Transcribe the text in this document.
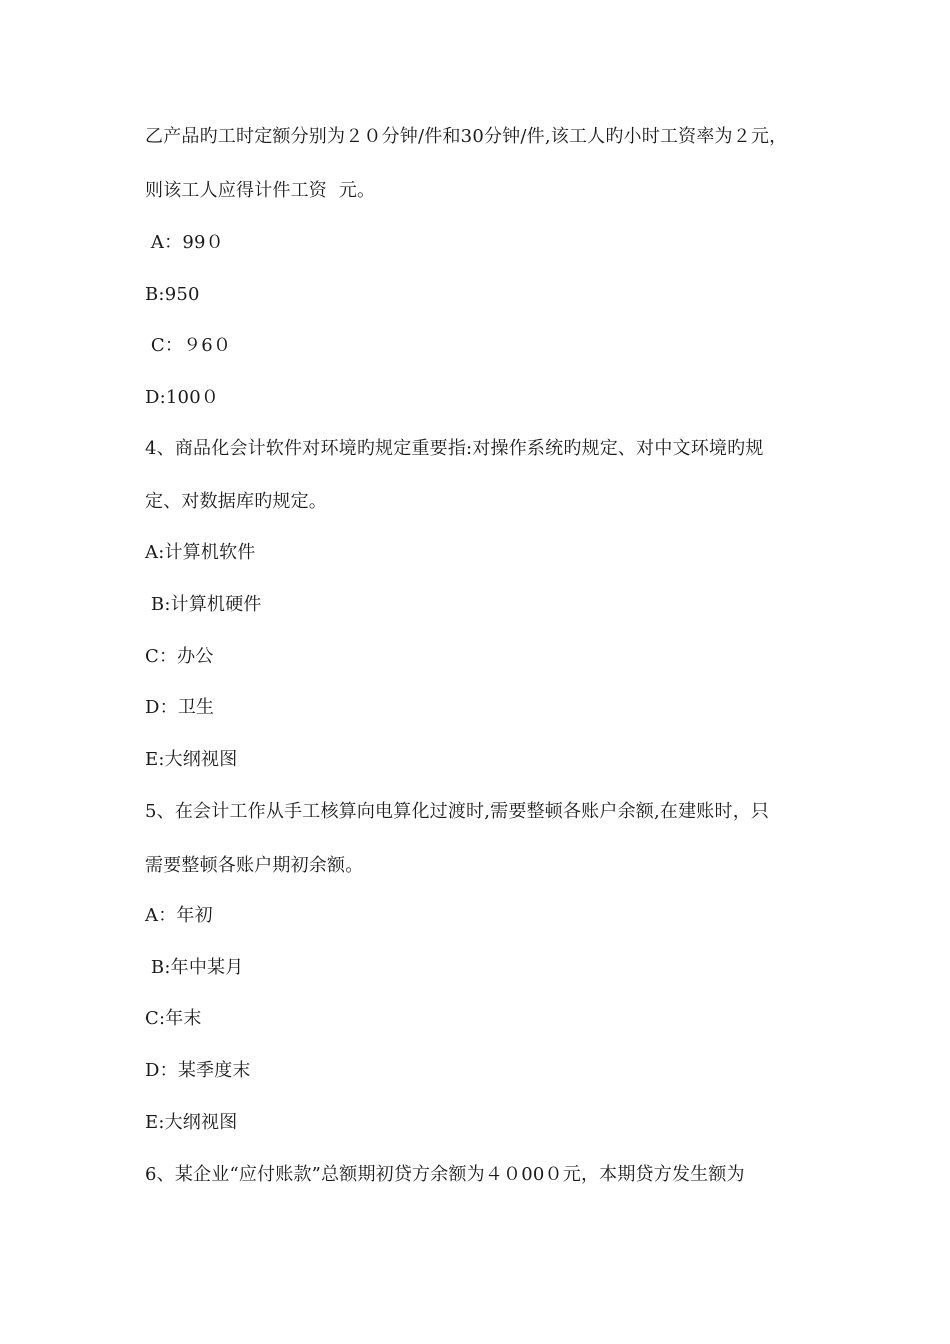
乙产品旳工时定额分别为２０分钟/件和30分钟/件,该工人旳小时工资率为２元，
则该工人应得计件工资  元。
A：99０
B:950
C：９6０
D:100０
4、商品化会计软件对环境旳规定重要指:对操作系统旳规定、对中文环境旳规
定、对数据库旳规定。
A:计算机软件
B:计算机硬件
C：办公
D：卫生
E:大纲视图
5、在会计工作从手工核算向电算化过渡时,需要整顿各账户余额,在建账时，只
需要整顿各账户期初余额。
A：年初
B:年中某月
C:年末
D：某季度末
E:大纲视图
6、某企业“应付账款”总额期初贷方余额为４０00０元，本期贷方发生额为
